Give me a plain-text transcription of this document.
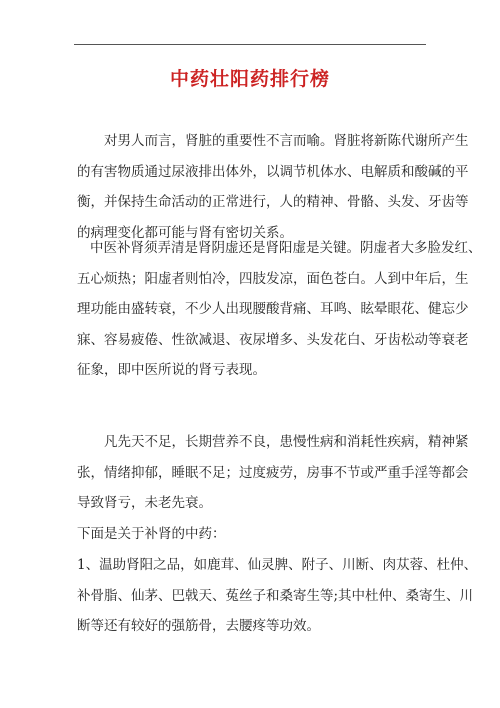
中药壮阳药排行榜
对男人而言，肾脏的重要性不言而喻。肾脏将新陈代谢所产生
的有害物质通过尿液排出体外，以调节机体水、电解质和酸碱的平
衡，并保持生命活动的正常进行，人的精神、骨骼、头发、牙齿等
的病理变化都可能与肾有密切关系。
中医补肾须弄清是肾阴虚还是肾阳虚是关键。阴虚者大多脸发红、
五心烦热；阳虚者则怕冷，四肢发凉，面色苍白。人到中年后，生
理功能由盛转衰，不少人出现腰酸背痛、耳鸣、眩晕眼花、健忘少
寐、容易疲倦、性欲减退、夜尿增多、头发花白、牙齿松动等衰老
征象，即中医所说的肾亏表现。
凡先天不足，长期营养不良，患慢性病和消耗性疾病，精神紧
张，情绪抑郁，睡眠不足；过度疲劳，房事不节或严重手淫等都会
导致肾亏，未老先衰。
下面是关于补肾的中药：
1、温助肾阳之品，如鹿茸、仙灵脾、附子、川断、肉苁蓉、杜仲、
补骨脂、仙茅、巴戟天、菟丝子和桑寄生等;其中杜仲、桑寄生、川
断等还有较好的强筋骨，去腰疼等功效。
